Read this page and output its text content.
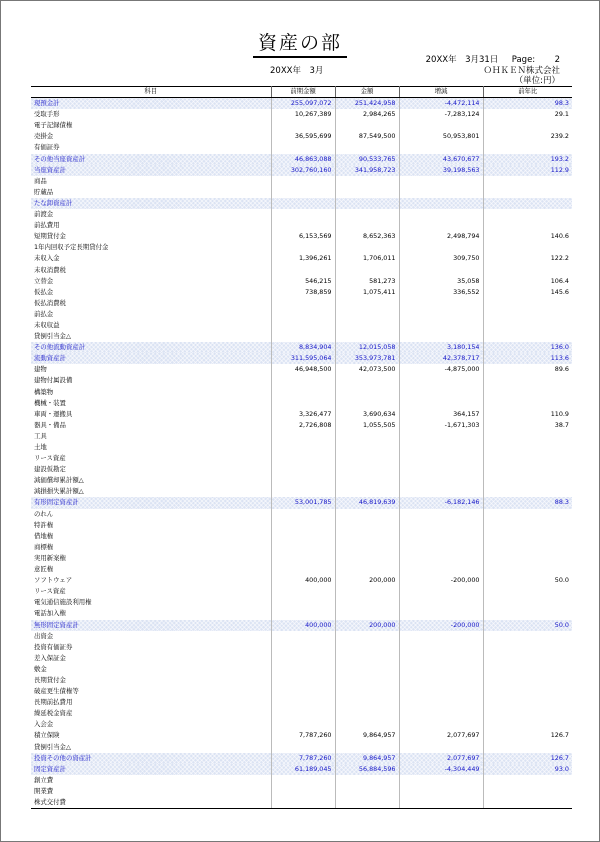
資産の部
20XX年　3月31日 Page: 2
20XX年　3月	ＯＨＫＥＮ株式会社
（単位:円）
科目	前期金額	金額	増減	前年比
現預金計	255,097,072	251,424,958	-4,472,114	98.3
受取手形	10,267,389	2,984,265	-7,283,124	29.1
電子記録債権				
売掛金	36,595,699	87,549,500	50,953,801	239.2
有価証券				
その他当座資産計	46,863,088	90,533,765	43,670,677	193.2
当座資産計	302,760,160	341,958,723	39,198,563	112.9
商品				
貯蔵品				
たな卸資産計				
前渡金				
前払費用				
短期貸付金	6,153,569	8,652,363	2,498,794	140.6
1年内回収予定長期貸付金				
未収入金	1,396,261	1,706,011	309,750	122.2
未収消費税				
立替金	546,215	581,273	35,058	106.4
仮払金	738,859	1,075,411	336,552	145.6
仮払消費税				
前払金				
未収収益				
貸倒引当金△				
その他流動資産計	8,834,904	12,015,058	3,180,154	136.0
流動資産計	311,595,064	353,973,781	42,378,717	113.6
建物	46,948,500	42,073,500	-4,875,000	89.6
建物付属設備				
構築物				
機械・装置				
車両・運搬具	3,326,477	3,690,634	364,157	110.9
器具・備品	2,726,808	1,055,505	-1,671,303	38.7
工具				
土地				
リース資産				
建設仮勘定				
減価償却累計額△				
減損損失累計額△				
有形固定資産計	53,001,785	46,819,639	-6,182,146	88.3
のれん				
特許権				
借地権				
商標権				
実用新案権				
意匠権				
ソフトウェア	400,000	200,000	-200,000	50.0
リース資産				
電気通信施設利用権				
電話加入権				
無形固定資産計	400,000	200,000	-200,000	50.0
出資金				
投資有価証券				
差入保証金				
敷金				
長期貸付金				
破産更生債権等				
長期前払費用				
繰延税金資産				
入会金				
積立保険	7,787,260	9,864,957	2,077,697	126.7
貸倒引当金△				
投資その他の資産計	7,787,260	9,864,957	2,077,697	126.7
固定資産計	61,189,045	56,884,596	-4,304,449	93.0
創立費				
開業費				
株式交付費				
